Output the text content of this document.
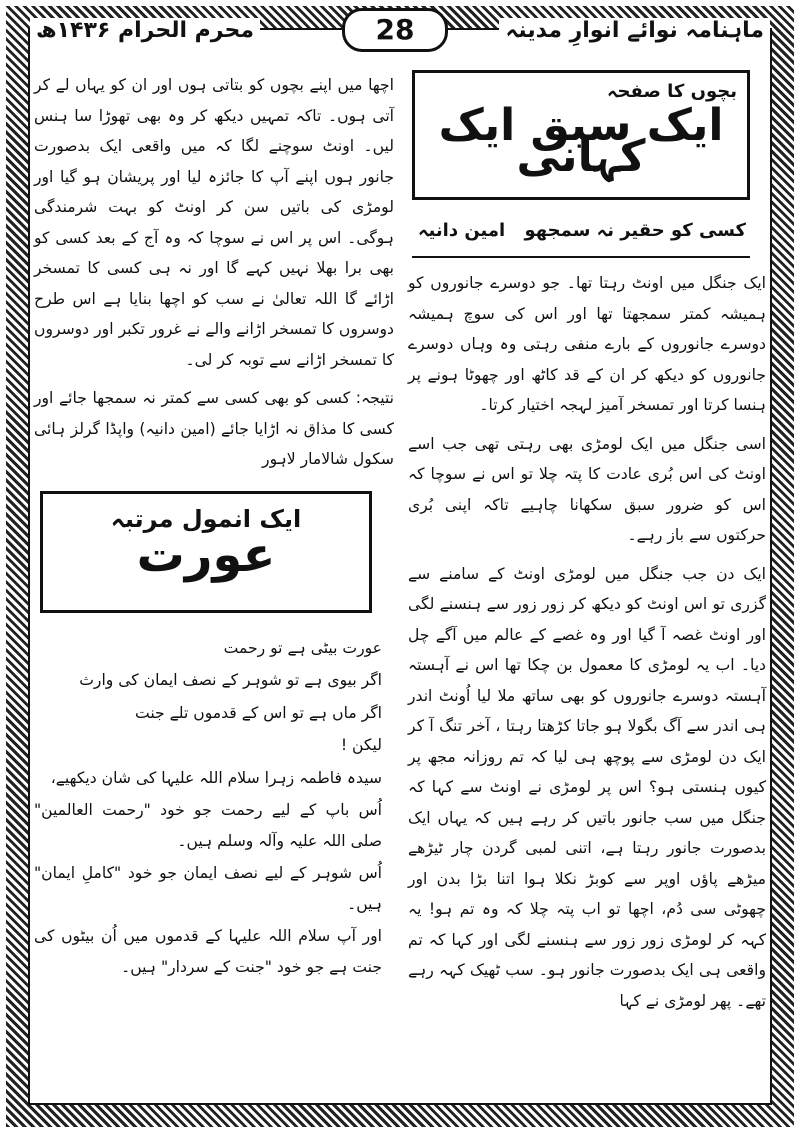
ماہنامہ نوائے انوارِ مدینہ
محرم الحرام ۱۴۳۶ھ	28
بچوں کا صفحہ
ایک سبق ایک کہانی
کسی کو حقیر نہ سمجھو
امین دانیہ

ایک جنگل میں اونٹ رہتا تھا۔ جو دوسرے جانوروں کو ہمیشہ کمتر سمجھتا تھا اور اس کی سوچ ہمیشہ دوسرے جانوروں کے بارے منفی رہتی وہ وہاں دوسرے جانوروں کو دیکھ کر ان کے قد کاٹھ اور چھوٹا ہونے پر ہنسا کرتا اور تمسخر آمیز لہجہ اختیار کرتا۔

اسی جنگل میں ایک لومڑی بھی رہتی تھی جب اسے اونٹ کی اس بُری عادت کا پتہ چلا تو اس نے سوچا کہ اس کو ضرور سبق سکھانا چاہیے تاکہ اپنی بُری حرکتوں سے باز رہے۔

ایک دن جب جنگل میں لومڑی اونٹ کے سامنے سے گزری تو اس اونٹ کو دیکھ کر زور زور سے ہنسنے لگی اور اونٹ غصہ آ گیا اور وہ غصے کے عالم میں آگے چل دیا۔ اب یہ لومڑی کا معمول بن چکا تھا اس نے آہستہ آہستہ دوسرے جانوروں کو بھی ساتھ ملا لیا اُونٹ اندر ہی اندر سے آگ بگولا ہو جاتا کڑھتا رہتا ، آخر تنگ آ کر ایک دن لومڑی سے پوچھ ہی لیا کہ تم روزانہ مجھ پر کیوں ہنستی ہو؟ اس پر لومڑی نے اونٹ سے کہا کہ جنگل میں سب جانور باتیں کر رہے ہیں کہ یہاں ایک بدصورت جانور رہتا ہے، اتنی لمبی گردن چار ٹیڑھے میڑھے پاؤں اوپر سے کوبڑ نکلا ہوا اتنا بڑا بدن اور چھوٹی سی دُم، اچھا تو اب پتہ چلا کہ وہ تم ہو! یہ کہہ کر لومڑی زور زور سے ہنسنے لگی اور کہا کہ تم واقعی ہی ایک بدصورت جانور ہو۔ سب ٹھیک کہہ رہے تھے۔ پھر لومڑی نے کہا

اچھا میں اپنے بچوں کو بتاتی ہوں اور ان کو یہاں لے کر آتی ہوں۔ تاکہ تمہیں دیکھ کر وہ بھی تھوڑا سا ہنس لیں۔ اونٹ سوچنے لگا کہ میں واقعی ایک بدصورت جانور ہوں اپنے آپ کا جائزہ لیا اور پریشان ہو گیا اور لومڑی کی باتیں سن کر اونٹ کو بہت شرمندگی ہوگی۔ اس پر اس نے سوچا کہ وہ آج کے بعد کسی کو بھی برا بھلا نہیں کہے گا اور نہ ہی کسی کا تمسخر اڑائے گا اللہ تعالیٰ نے سب کو اچھا بنایا ہے اس طرح دوسروں کا تمسخر اڑانے والے نے غرور تکبر اور دوسروں کا تمسخر اڑانے سے توبہ کر لی۔

نتیجہ: کسی کو بھی کسی سے کمتر نہ سمجھا جائے اور کسی کا مذاق نہ اڑایا جائے (امین دانیہ) واپڈا گرلز ہائی سکول شالامار لاہور

ایک انمول مرتبہ
عورت
عورت بیٹی ہے تو رحمت
اگر بیوی ہے تو شوہر کے نصف ایمان کی وارث
اگر ماں ہے تو اس کے قدموں تلے جنت
لیکن !
سیدہ فاطمہ زہرا سلام اللہ علیہا کی شان دیکھیے،
اُس باپ کے لیے رحمت جو خود "رحمت العالمین" صلی اللہ علیہ وآلہ وسلم ہیں۔
اُس شوہر کے لیے نصف ایمان جو خود "کاملِ ایمان" ہیں۔
اور آپ سلام اللہ علیہا کے قدموں میں اُن بیٹوں کی جنت ہے جو خود "جنت کے سردار" ہیں۔
